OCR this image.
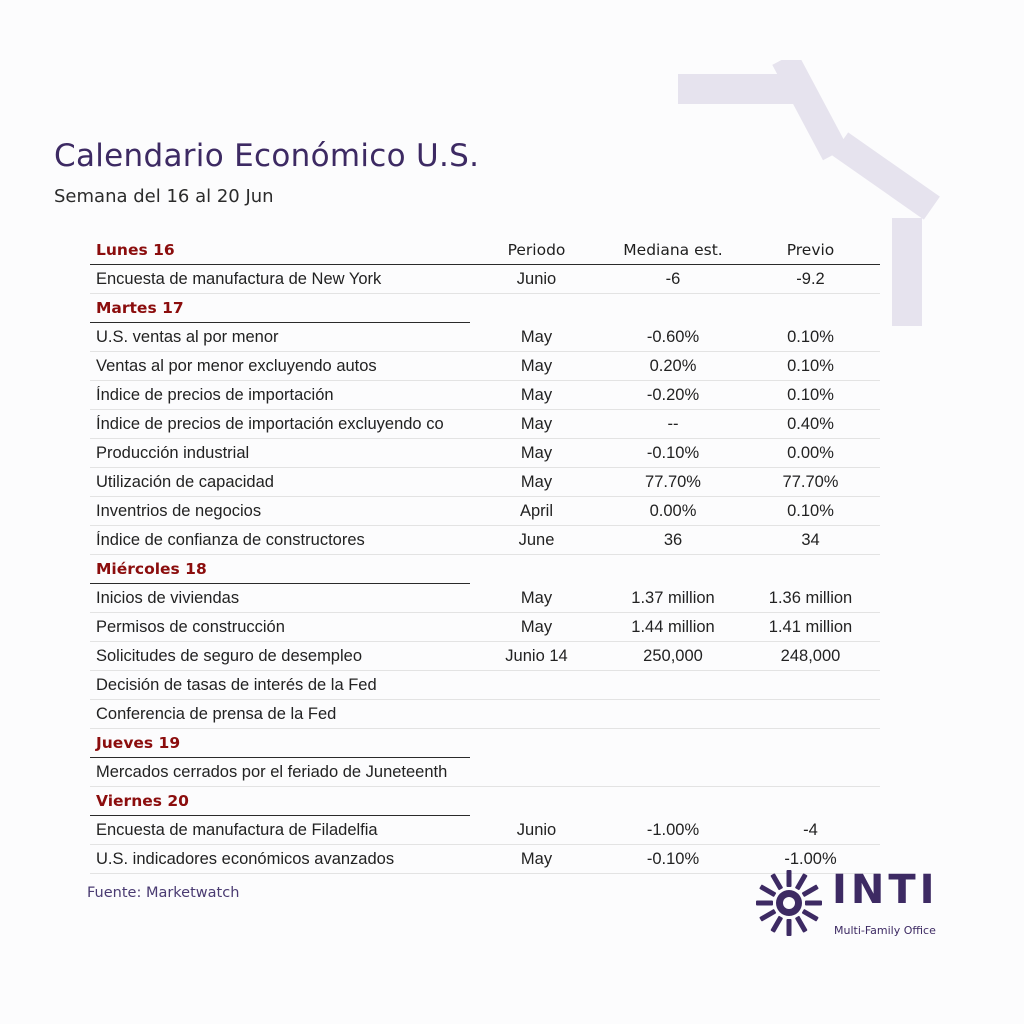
Calendario Económico U.S.

Semana del 16 al 20 Jun

Lunes 16	Periodo	Mediana est.	Previo
Encuesta de manufactura de New York	Junio	-6	-9.2
Martes 17
U.S. ventas al por menor	May	-0.60%	0.10%
Ventas al por menor excluyendo autos	May	0.20%	0.10%
Índice de precios de importación	May	-0.20%	0.10%
Índice de precios de importación excluyendo co	May	--	0.40%
Producción industrial	May	-0.10%	0.00%
Utilización de capacidad	May	77.70%	77.70%
Inventrios de negocios	April	0.00%	0.10%
Índice de confianza de constructores	June	36	34
Miércoles 18
Inicios de viviendas	May	1.37 million	1.36 million
Permisos de construcción	May	1.44 million	1.41 million
Solicitudes de seguro de desempleo	Junio 14	250,000	248,000
Decisión de tasas de interés de la Fed
Conferencia de prensa de la Fed
Jueves 19
Mercados cerrados por el feriado de Juneteenth
Viernes 20
Encuesta de manufactura de Filadelfia	Junio	-1.00%	-4
U.S. indicadores económicos avanzados	May	-0.10%	-1.00%
Fuente: Marketwatch	INTI
Multi-Family Office
